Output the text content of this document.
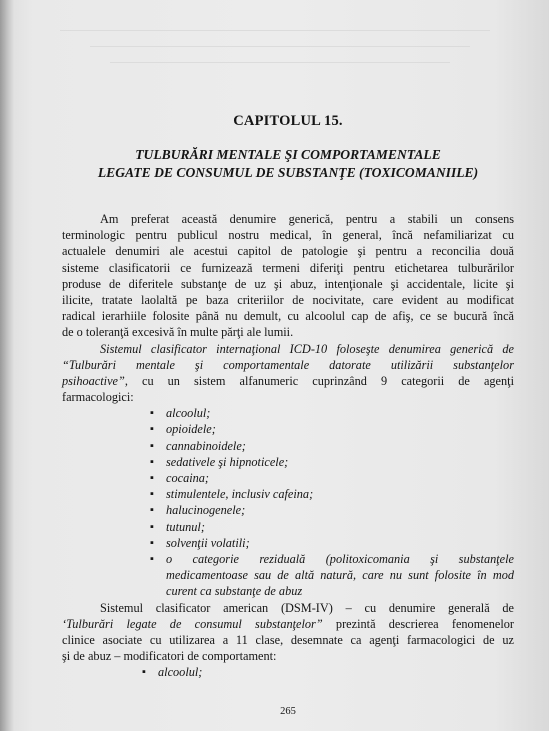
CAPITOLUL 15.
TULBURĂRI MENTALE ŞI COMPORTAMENTALE
LEGATE DE CONSUMUL DE SUBSTANŢE (TOXICOMANIILE)
Am preferat această denumire generică, pentru a stabili un consens
terminologic pentru publicul nostru medical, în general, încă nefamiliarizat cu
actualele denumiri ale acestui capitol de patologie şi pentru a reconcilia două
sisteme clasificatorii ce furnizează termeni diferiţi pentru etichetarea tulburărilor
produse de diferitele substanţe de uz şi abuz, intenţionale şi accidentale, licite şi
ilicite, tratate laolaltă pe baza criteriilor de nocivitate, care evident au modificat
radical ierarhiile folosite până nu demult, cu alcoolul cap de afiş, ce se bucură încă
de o toleranţă excesivă în multe părţi ale lumii.
Sistemul clasificator internaţional ICD-10 foloseşte denumirea generică de
“Tulburări mentale şi comportamentale datorate utilizării substanţelor
psihoactive”, cu un sistem alfanumeric cuprinzând 9 categorii de agenţi
farmacologici:
▪ alcoolul;
▪ opioidele;
▪ cannabinoidele;
▪ sedativele şi hipnoticele;
▪ cocaina;
▪ stimulentele, inclusiv cafeina;
▪ halucinogenele;
▪ tutunul;
▪ solvenţii volatili;
▪ o categorie reziduală (politoxicomania şi substanţele
medicamentoase sau de altă natură, care nu sunt folosite în mod
curent ca substanţe de abuz
Sistemul clasificator american (DSM-IV) – cu denumire generală de
‘Tulburări legate de consumul substanţelor” prezintă descrierea fenomenelor
clinice asociate cu utilizarea a 11 clase, desemnate ca agenţi farmacologici de uz
şi de abuz – modificatori de comportament:
▪ alcoolul;
265
